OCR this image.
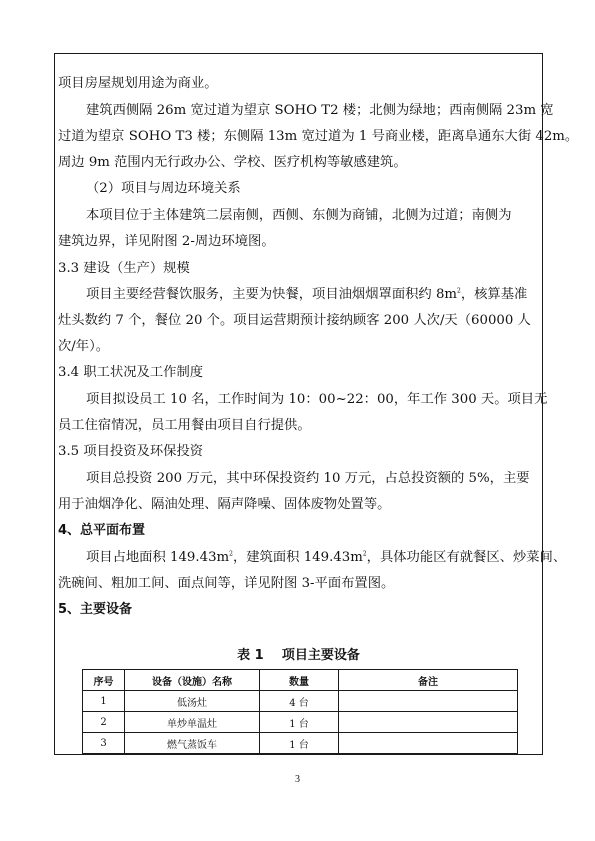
项目房屋规划用途为商业。

建筑西侧隔 26m 宽过道为望京 SOHO T2 楼；北侧为绿地；西南侧隔 23m 宽

过道为望京 SOHO T3 楼；东侧隔 13m 宽过道为 1 号商业楼，距离阜通东大街 42m。

周边 9m 范围内无行政办公、学校、医疗机构等敏感建筑。

（2）项目与周边环境关系

本项目位于主体建筑二层南侧，西侧、东侧为商铺，北侧为过道；南侧为

建筑边界，详见附图 2-周边环境图。

3.3 建设（生产）规模

项目主要经营餐饮服务，主要为快餐，项目油烟烟罩面积约 $8m^2$，核算基准

灶头数约 7 个，餐位 20 个。项目运营期预计接纳顾客 200 人次/天（60000 人

次/年）。

3.4 职工状况及工作制度

项目拟设员工 10 名，工作时间为 10：00~22：00，年工作 300 天。项目无

员工住宿情况，员工用餐由项目自行提供。

3.5 项目投资及环保投资

项目总投资 200 万元，其中环保投资约 10 万元，占总投资额的 5%，主要

用于油烟净化、隔油处理、隔声降噪、固体废物处置等。

4、总平面布置

项目占地面积 $149.43m^2$，建筑面积 $149.43m^2$，具体功能区有就餐区、炒菜间、

洗碗间、粗加工间、面点间等，详见附图 3-平面布置图。

5、主要设备

表 1    项目主要设备

序号	设备（设施）名称	数量	备注
1	低汤灶	4 台	
2	单炒单温灶	1 台	
3	燃气蒸饭车	1 台	
3
